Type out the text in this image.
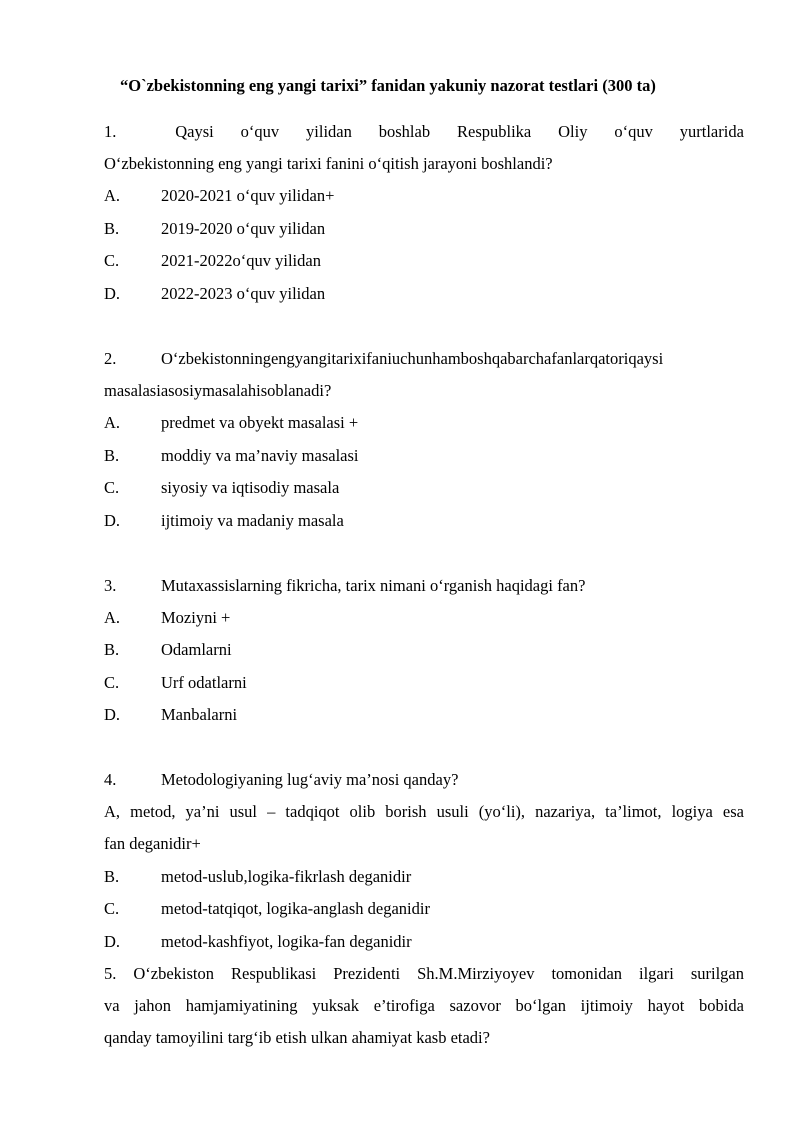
“O`zbekistonning eng yangi tarixi” fanidan yakuniy nazorat testlari (300 ta)
1.	Qaysi o‘quv yilidan boshlab Respublika Oliy o‘quv yurtlarida
O‘zbekistonning eng yangi tarixi fanini o‘qitish jarayoni boshlandi?
A. 2020-2021 o‘quv yilidan+
B.	2019-2020 o‘quv yilidan
C.	2021-2022o‘quv yilidan
D. 2022-2023 o‘quv yilidan
2.	O‘zbekistonningengyangitarixifaniuchunhamboshqabarchafanlarqatoriqaysi
masalasiasosiymasalahisoblanadi?
A. predmet va obyekt masalasi +
B.	moddiy va ma’naviy masalasi
C.	siyosiy va iqtisodiy masala
D. ijtimoiy va madaniy masala
3.	Mutaxassislarning fikricha, tarix nimani o‘rganish haqidagi fan?
A. Moziyni +
B.	Odamlarni
C.	Urf odatlarni
D. Manbalarni
4.	Metodologiyaning lug‘aviy ma’nosi qanday?
A, metod, ya’ni usul – tadqiqot olib borish usuli (yo‘li), nazariya, ta’limot, logiya esa
fan deganidir+
B.	metod-uslub,logika-fikrlash deganidir
C.	metod-tatqiqot, logika-anglash deganidir
D. metod-kashfiyot, logika-fan deganidir
5. O‘zbekiston Respublikasi Prezidenti Sh.M.Mirziyoyev tomonidan ilgari surilgan
va jahon hamjamiyatining yuksak e’tirofiga sazovor bo‘lgan ijtimoiy hayot bobida
qanday tamoyilini targ‘ib etish ulkan ahamiyat kasb etadi?
